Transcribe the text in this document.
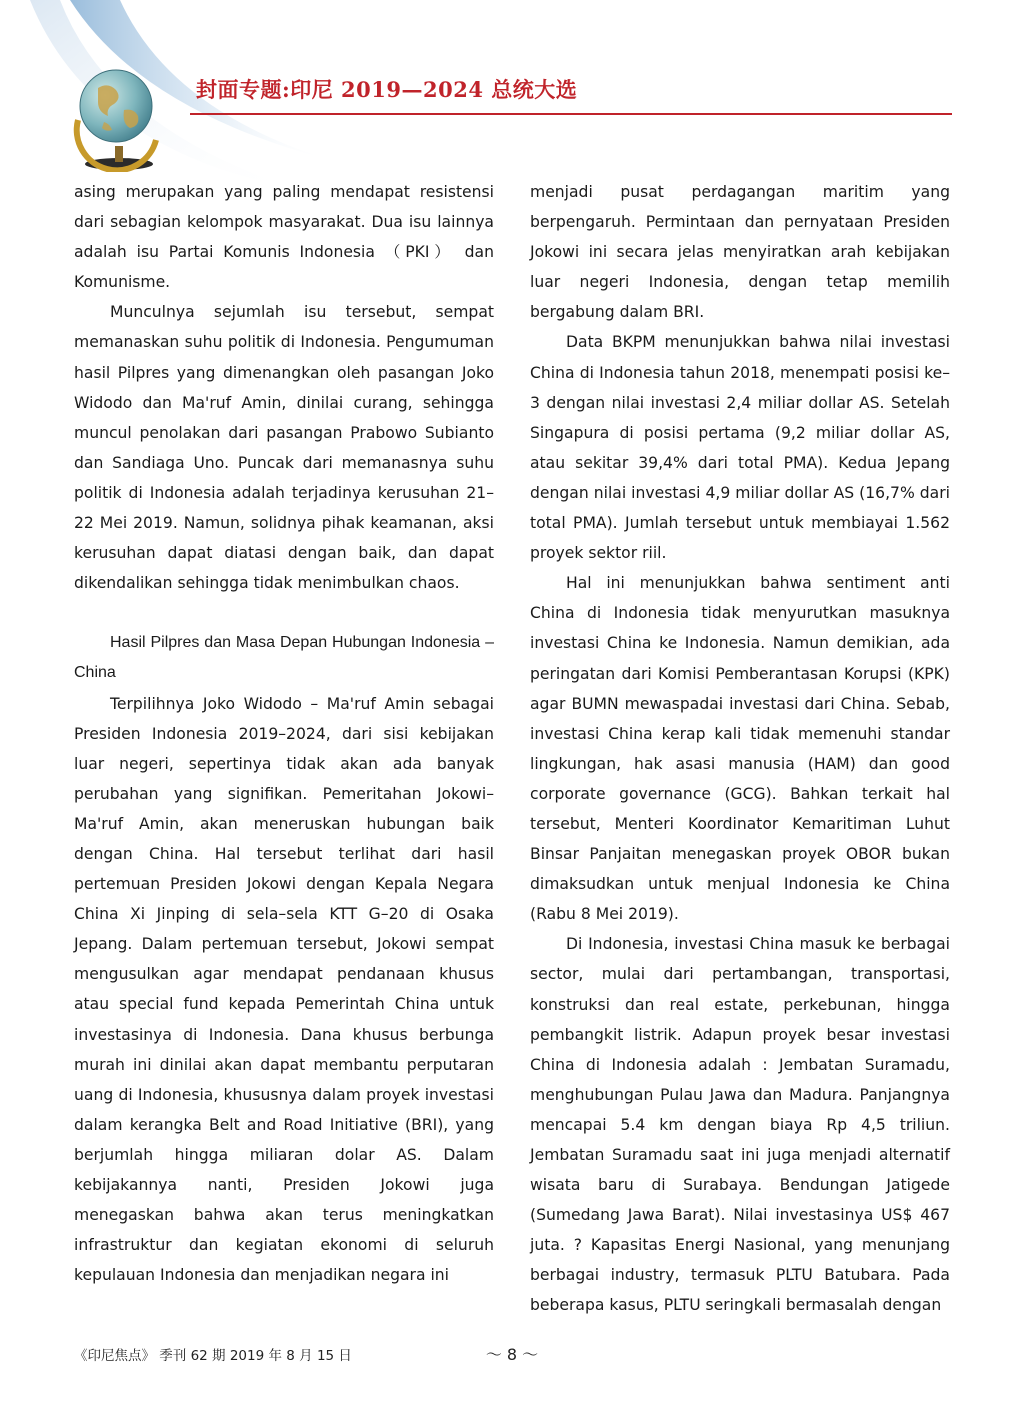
封面专题:印尼 2019—2024 总统大选

asing merupakan yang paling mendapat resistensi dari sebagian kelompok masyarakat. Dua isu lainnya adalah isu Partai Komunis Indonesia （PKI） dan Komunisme.

Munculnya sejumlah isu tersebut, sempat memanaskan suhu politik di Indonesia. Pengumuman hasil Pilpres yang dimenangkan oleh pasangan Joko Widodo dan Ma'ruf Amin, dinilai curang, sehingga muncul penolakan dari pasangan Prabowo Subianto dan Sandiaga Uno. Puncak dari memanasnya suhu politik di Indonesia adalah terjadinya kerusuhan 21–22 Mei 2019. Namun, solidnya pihak keamanan, aksi kerusuhan dapat diatasi dengan baik, dan dapat dikendalikan sehingga tidak menimbulkan chaos.

Hasil Pilpres dan Masa Depan Hubungan Indonesia – China

Terpilihnya Joko Widodo – Ma'ruf Amin sebagai Presiden Indonesia 2019–2024, dari sisi kebijakan luar negeri, sepertinya tidak akan ada banyak perubahan yang signifikan. Pemeritahan Jokowi–Ma'ruf Amin, akan meneruskan hubungan baik dengan China. Hal tersebut terlihat dari hasil pertemuan Presiden Jokowi dengan Kepala Negara China Xi Jinping di sela–sela KTT G–20 di Osaka Jepang. Dalam pertemuan tersebut, Jokowi sempat mengusulkan agar mendapat pendanaan khusus atau special fund kepada Pemerintah China untuk investasinya di Indonesia. Dana khusus berbunga murah ini dinilai akan dapat membantu perputaran uang di Indonesia, khususnya dalam proyek investasi dalam kerangka Belt and Road Initiative (BRI), yang berjumlah hingga miliaran dolar AS. Dalam kebijakannya nanti, Presiden Jokowi juga menegaskan bahwa akan terus meningkatkan infrastruktur dan kegiatan ekonomi di seluruh kepulauan Indonesia dan menjadikan negara ini

menjadi pusat perdagangan maritim yang berpengaruh. Permintaan dan pernyataan Presiden Jokowi ini secara jelas menyiratkan arah kebijakan luar negeri Indonesia, dengan tetap memilih bergabung dalam BRI.

Data BKPM menunjukkan bahwa nilai investasi China di Indonesia tahun 2018, menempati posisi ke–3 dengan nilai investasi 2,4 miliar dollar AS. Setelah Singapura di posisi pertama (9,2 miliar dollar AS, atau sekitar 39,4% dari total PMA). Kedua Jepang dengan nilai investasi 4,9 miliar dollar AS (16,7% dari total PMA). Jumlah tersebut untuk membiayai 1.562 proyek sektor riil.

Hal ini menunjukkan bahwa sentiment anti China di Indonesia tidak menyurutkan masuknya investasi China ke Indonesia. Namun demikian, ada peringatan dari Komisi Pemberantasan Korupsi (KPK) agar BUMN mewaspadai investasi dari China. Sebab, investasi China kerap kali tidak memenuhi standar lingkungan, hak asasi manusia (HAM) dan good corporate governance (GCG). Bahkan terkait hal tersebut, Menteri Koordinator Kemaritiman Luhut Binsar Panjaitan menegaskan proyek OBOR bukan dimaksudkan untuk menjual Indonesia ke China (Rabu 8 Mei 2019).

Di Indonesia, investasi China masuk ke berbagai sector, mulai dari pertambangan, transportasi, konstruksi dan real estate, perkebunan, hingga pembangkit listrik. Adapun proyek besar investasi China di Indonesia adalah : Jembatan Suramadu, menghubungan Pulau Jawa dan Madura. Panjangnya mencapai 5.4 km dengan biaya Rp 4,5 triliun. Jembatan Suramadu saat ini juga menjadi alternatif wisata baru di Surabaya. Bendungan Jatigede (Sumedang Jawa Barat). Nilai investasinya US$ 467 juta. ? Kapasitas Energi Nasional, yang menunjang berbagai industry, termasuk PLTU Batubara. Pada beberapa kasus, PLTU seringkali bermasalah dengan

《印尼焦点》 季刊 62 期 2019 年 8 月 15 日	～ 8 ～
